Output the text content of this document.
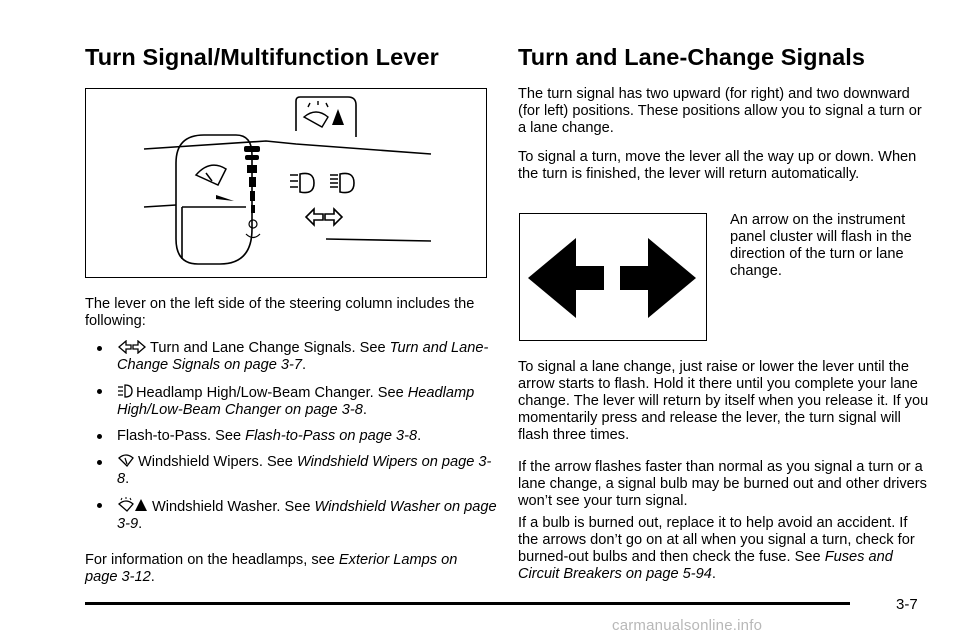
Turn Signal/Multifunction Lever

The lever on the left side of the steering column includes the following:

Turn and Lane Change Signals. See Turn and Lane-Change Signals on page 3-7.
Headlamp High/Low-Beam Changer. See Headlamp High/Low-Beam Changer on page 3-8.
Flash-to-Pass. See Flash-to-Pass on page 3-8.
Windshield Wipers. See Windshield Wipers on page 3-8.
Windshield Washer. See Windshield Washer on page 3-9.

For information on the headlamps, see Exterior Lamps on page 3-12.

Turn and Lane-Change Signals

The turn signal has two upward (for right) and two downward (for left) positions. These positions allow you to signal a turn or a lane change.

To signal a turn, move the lever all the way up or down. When the turn is finished, the lever will return automatically.

An arrow on the instrument panel cluster will flash in the direction of the turn or lane change.

To signal a lane change, just raise or lower the lever until the arrow starts to flash. Hold it there until you complete your lane change. The lever will return by itself when you release it. If you momentarily press and release the lever, the turn signal will flash three times.

If the arrow flashes faster than normal as you signal a turn or a lane change, a signal bulb may be burned out and other drivers won’t see your turn signal.

If a bulb is burned out, replace it to help avoid an accident. If the arrows don’t go on at all when you signal a turn, check for burned-out bulbs and then check the fuse. See Fuses and Circuit Breakers on page 5-94.

3-7
carmanualsonline.info
